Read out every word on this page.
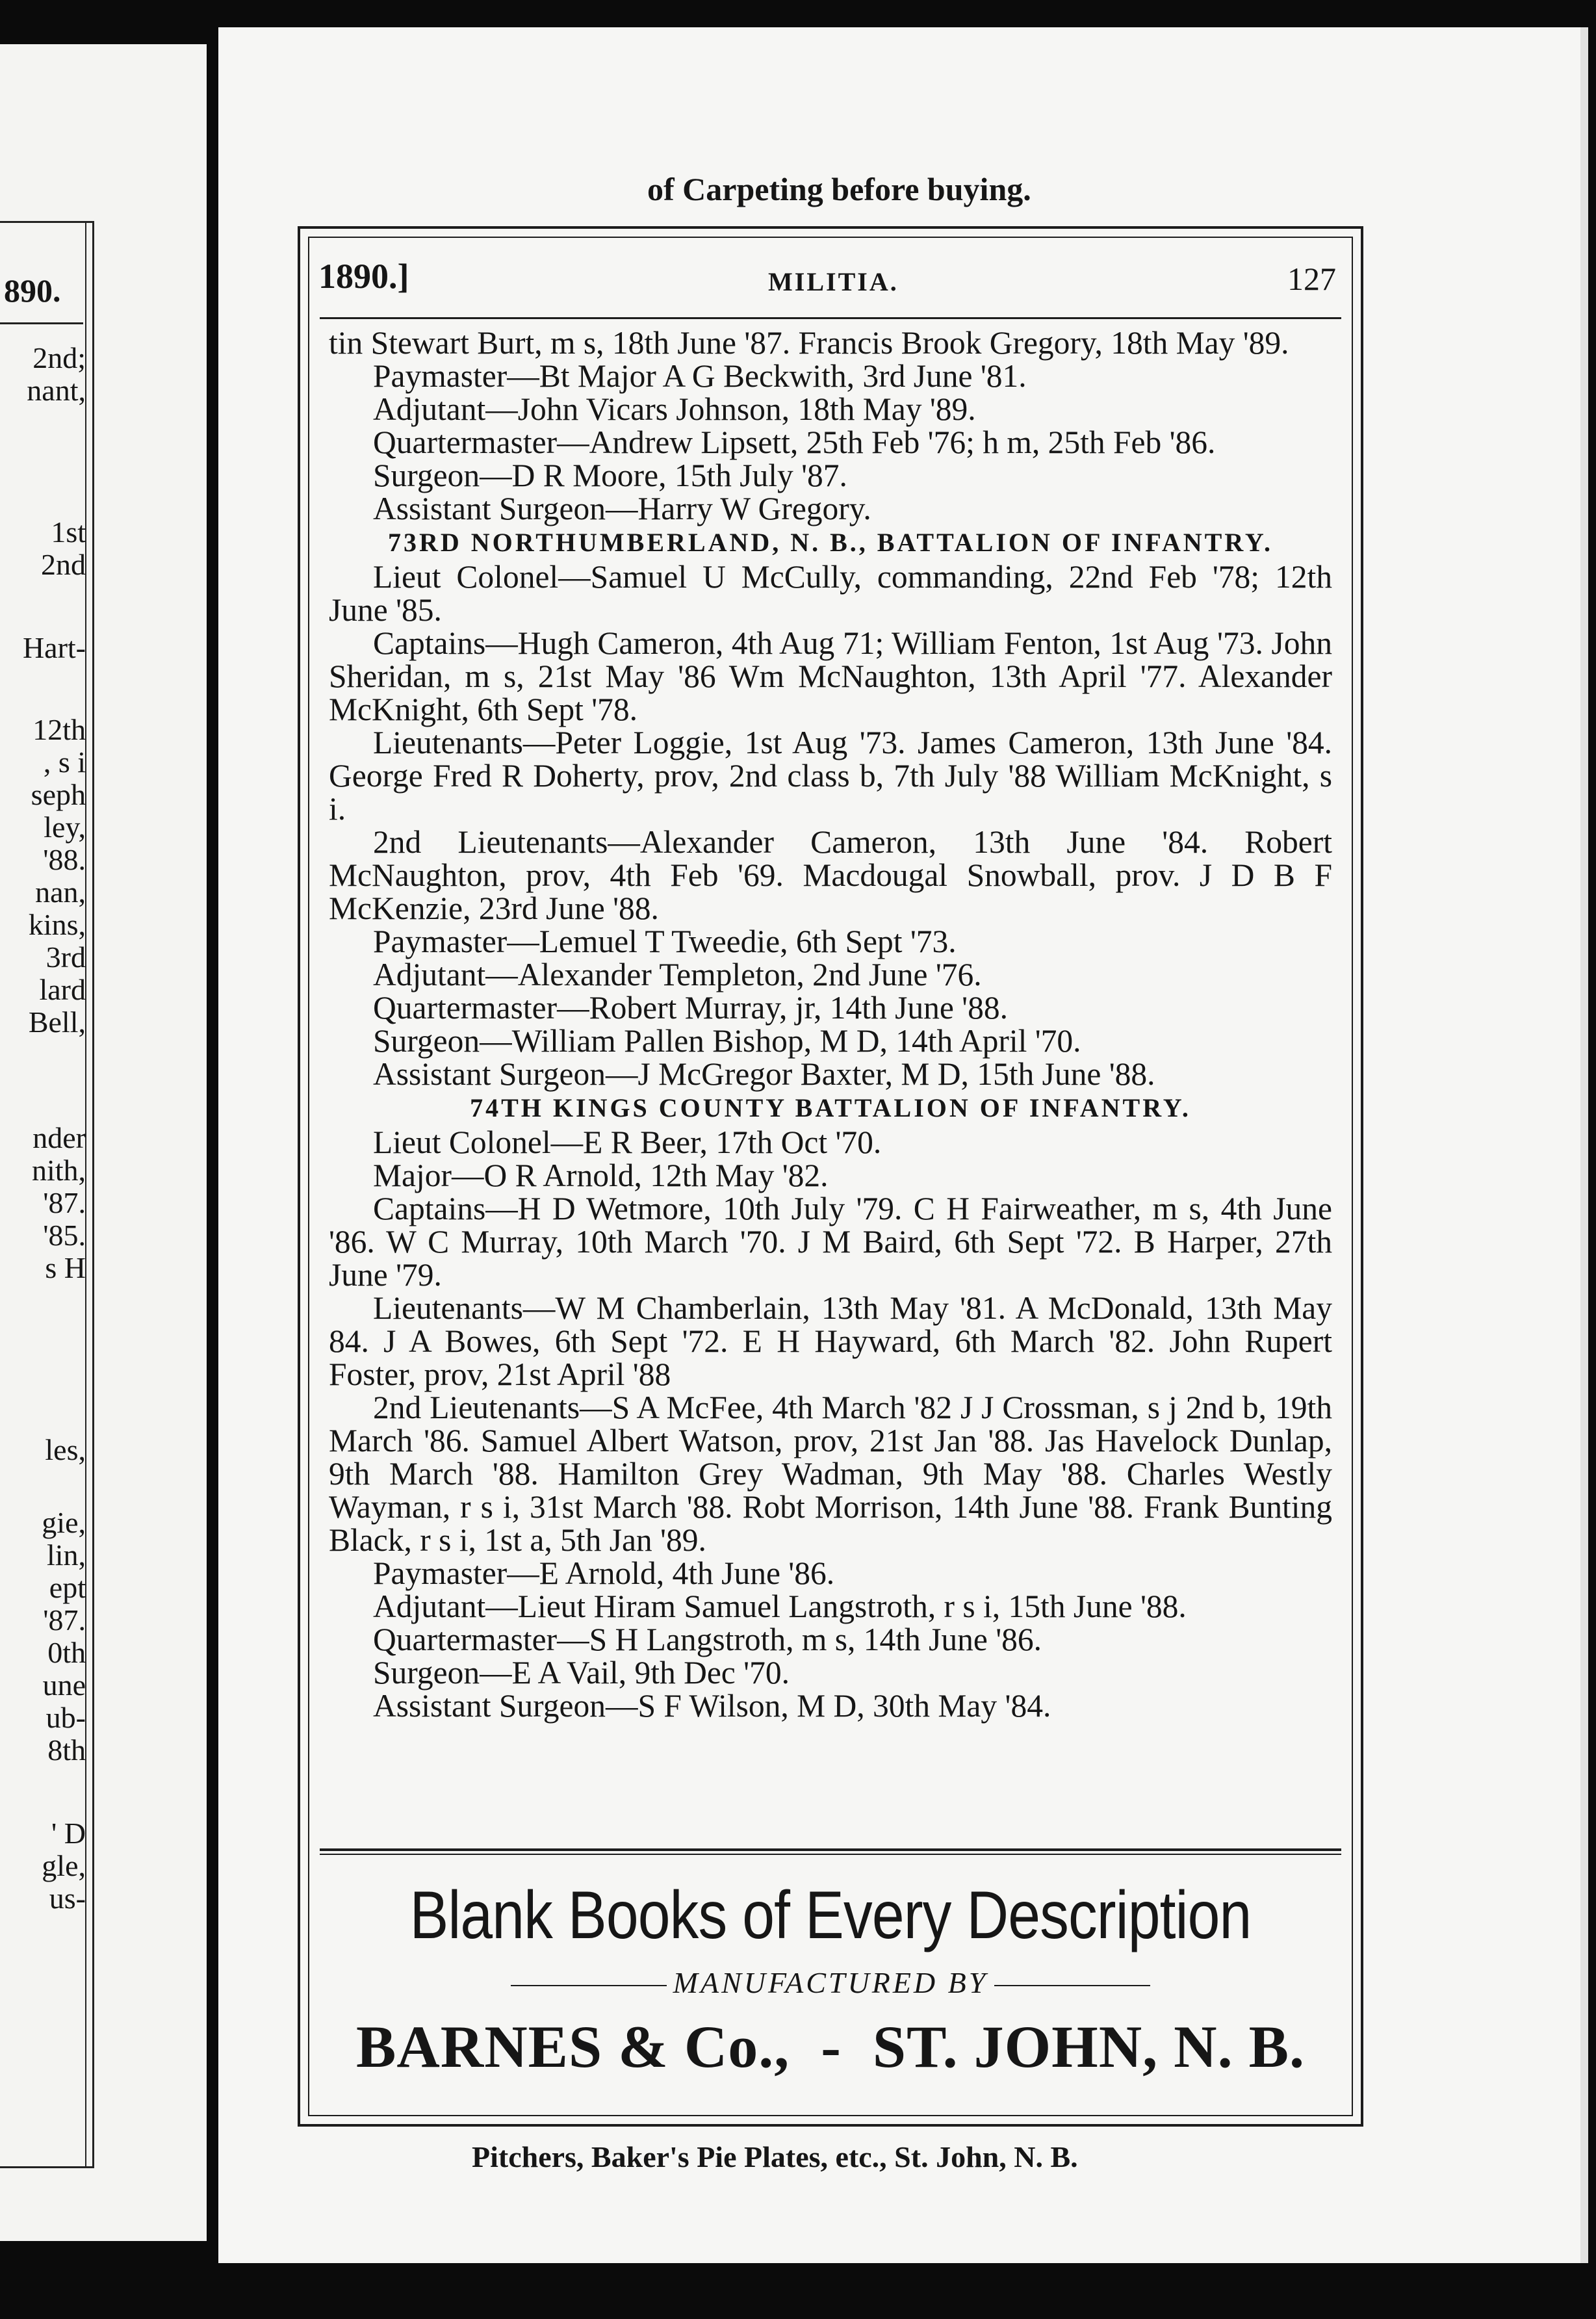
890.
2nd;
nant,
1st
2nd
Hart-
12th
, s i
seph
ley,
'88.
nan,
kins,
3rd
lard
Bell,
nder
nith,
'87.
'85.
s H
les,
gie,
lin,
ept
'87.
0th
une
ub-
8th
' D
gle,
us-
of Carpeting before buying.
1890.]	MILITIA.	127

tin Stewart Burt, m s, 18th June '87. Francis Brook Gregory, 18th May '89.

Paymaster—Bt Major A G Beckwith, 3rd June '81.

Adjutant—John Vicars Johnson, 18th May '89.

Quartermaster—Andrew Lipsett, 25th Feb '76; h m, 25th Feb '86.

Surgeon—D R Moore, 15th July '87.

Assistant Surgeon—Harry W Gregory.

73RD NORTHUMBERLAND, N. B., BATTALION OF INFANTRY.

Lieut Colonel—Samuel U McCully, commanding, 22nd Feb '78; 12th June '85.

Captains—Hugh Cameron, 4th Aug 71; William Fenton, 1st Aug '73. John Sheridan, m s, 21st May '86 Wm McNaughton, 13th April '77. Alexander McKnight, 6th Sept '78.

Lieutenants—Peter Loggie, 1st Aug '73. James Cameron, 13th June '84. George Fred R Doherty, prov, 2nd class b, 7th July '88 William McKnight, s i.

2nd Lieutenants—Alexander Cameron, 13th June '84. Robert McNaughton, prov, 4th Feb '69. Macdougal Snowball, prov. J D B F McKenzie, 23rd June '88.

Paymaster—Lemuel T Tweedie, 6th Sept '73.

Adjutant—Alexander Templeton, 2nd June '76.

Quartermaster—Robert Murray, jr, 14th June '88.

Surgeon—William Pallen Bishop, M D, 14th April '70.

Assistant Surgeon—J McGregor Baxter, M D, 15th June '88.

74TH KINGS COUNTY BATTALION OF INFANTRY.

Lieut Colonel—E R Beer, 17th Oct '70.

Major—O R Arnold, 12th May '82.

Captains—H D Wetmore, 10th July '79. C H Fairweather, m s, 4th June '86. W C Murray, 10th March '70. J M Baird, 6th Sept '72. B Harper, 27th June '79.

Lieutenants—W M Chamberlain, 13th May '81. A McDonald, 13th May 84. J A Bowes, 6th Sept '72. E H Hayward, 6th March '82. John Rupert Foster, prov, 21st April '88

2nd Lieutenants—S A McFee, 4th March '82 J J Crossman, s j 2nd b, 19th March '86. Samuel Albert Watson, prov, 21st Jan '88. Jas Havelock Dunlap, 9th March '88. Hamilton Grey Wadman, 9th May '88. Charles Westly Wayman, r s i, 31st March '88. Robt Morrison, 14th June '88. Frank Bunting Black, r s i, 1st a, 5th Jan '89.

Paymaster—E Arnold, 4th June '86.

Adjutant—Lieut Hiram Samuel Langstroth, r s i, 15th June '88.

Quartermaster—S H Langstroth, m s, 14th June '86.

Surgeon—E A Vail, 9th Dec '70.

Assistant Surgeon—S F Wilson, M D, 30th May '84.

Blank Books of Every Description
MANUFACTURED BY
BARNES & Co., - ST. JOHN, N. B.
Pitchers, Baker's Pie Plates, etc., St. John, N. B.
